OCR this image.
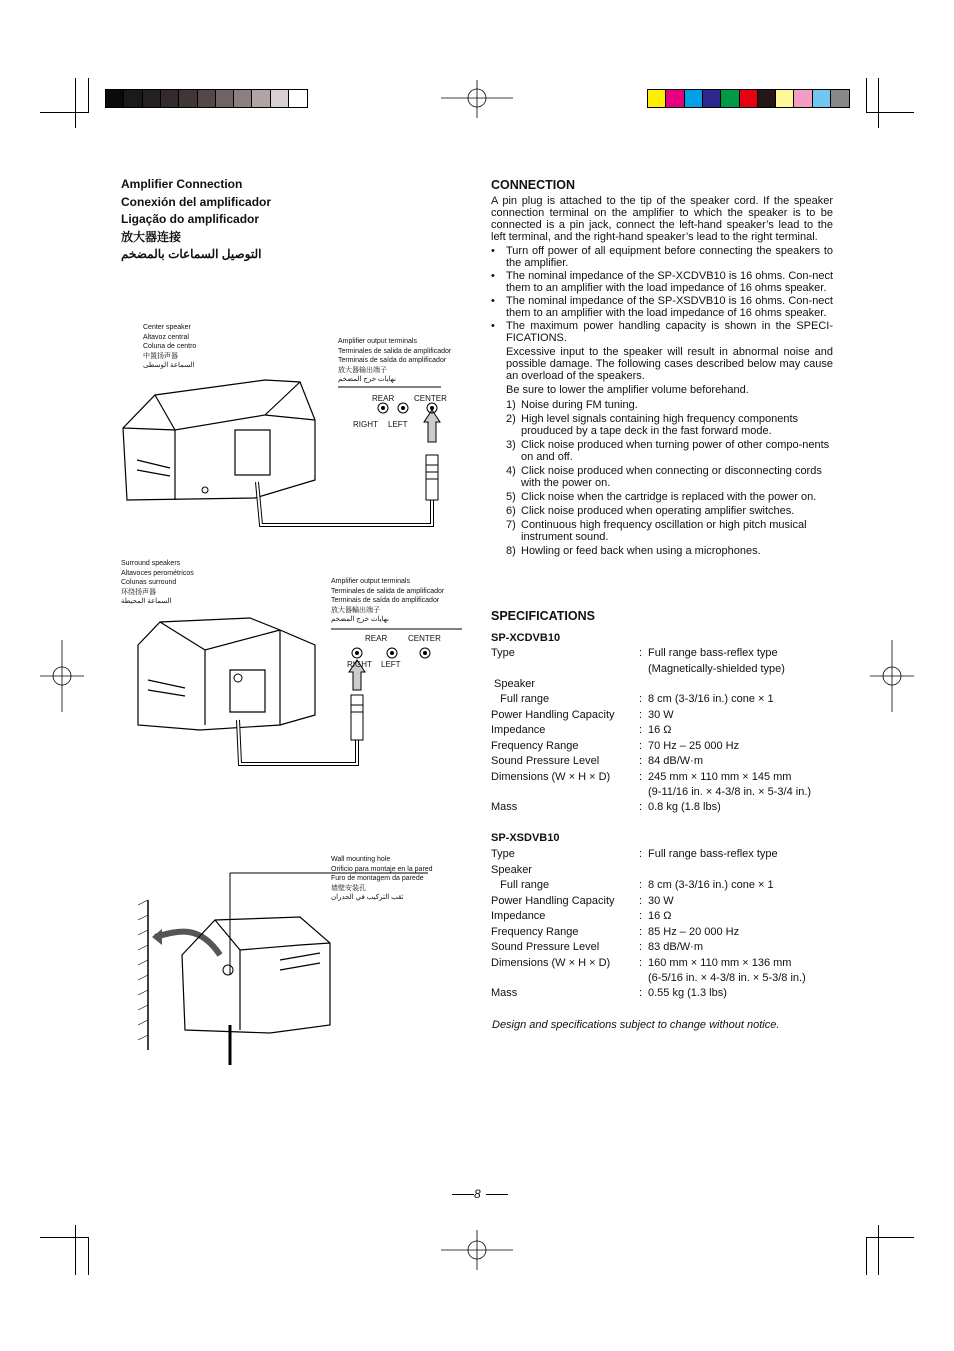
Amplifier Connection
Conexión del amplificador
Ligação do amplificador
放大器连接
التوصيل السماعات بالمضخم
Center speaker
Altavoz central
Coluna de centro
中置扬声器
السماعة الوسطى
Amplifier output terminals
Terminales de salida de amplificador
Terminais de saída do amplificador
放大器输出端子
نهايات خرج المضخم
REAR CENTER
RIGHT LEFT
Surround speakers
Altavoces perométricos
Colunas surround
环绕扬声器
السماعة المحيطة
Amplifier output terminals
Terminales de salida de amplificador
Terminais de saída do amplificador
放大器輸出端子
نهايات خرج المضخم
REAR	CENTER
RIGHT LEFT
Wall mounting hole
Orificio para montaje en la pared
Furo de montagem da parede
墙壁安装孔
ثقب التركيب في الجدران
CONNECTION
A pin plug is attached to the tip of the speaker cord. If the speaker connection terminal on the amplifier to which the speaker is to be connected is a pin jack, connect the left-hand speaker’s lead to the left terminal, and the right-hand speaker’s lead to the right terminal.
• Turn off power of all equipment before connecting the speakers to the amplifier.
• The nominal impedance of the SP-XCDVB10 is 16 ohms. Con-nect them to an amplifier with the load impedance of 16 ohms speaker.
• The nominal impedance of the SP-XSDVB10 is 16 ohms. Con-nect them to an amplifier with the load impedance of 16 ohms speaker.
• The maximum power handling capacity is shown in the SPECI-FICATIONS.
Excessive input to the speaker will result in abnormal noise and possible damage. The following cases described below may cause an overload of the speakers.
Be sure to lower the amplifier volume beforehand.
1) Noise during FM tuning.
2) High level signals containing high frequency components prouduced by a tape deck in the fast forward mode.
3) Click noise produced when turning power of other compo-nents on and off.
4) Click noise produced when connecting or disconnecting cords with the power on.
5) Click noise when the cartridge is replaced with the power on.
6) Click noise produced when operating amplifier switches.
7) Continuous high frequency oscillation or high pitch musical instrument sound.
8) Howling or feed back when using a microphones.
SPECIFICATIONS
SP-XCDVB10
Type	: Full range bass-reflex type
(Magnetically-shielded type)
Speaker
Full range	: 8 cm (3-3/16 in.) cone × 1
Power Handling Capacity : 30 W
Impedance	: 16 Ω
Frequency Range	: 70 Hz – 25 000 Hz
Sound Pressure Level	: 84 dB/W·m
Dimensions (W × H × D)	: 245 mm × 110 mm × 145 mm
(9-11/16 in. × 4-3/8 in. × 5-3/4 in.)
Mass	: 0.8 kg (1.8 lbs)
SP-XSDVB10
Type	: Full range bass-reflex type
Speaker
Full range	: 8 cm (3-3/16 in.) cone × 1
Power Handling Capacity : 30 W
Impedance	: 16 Ω
Frequency Range	: 85 Hz – 20 000 Hz
Sound Pressure Level	: 83 dB/W·m
Dimensions (W × H × D)	: 160 mm × 110 mm × 136 mm
(6-5/16 in. × 4-3/8 in. × 5-3/8 in.)
Mass	: 0.55 kg (1.3 lbs)
Design and specifications subject to change without notice.
8
